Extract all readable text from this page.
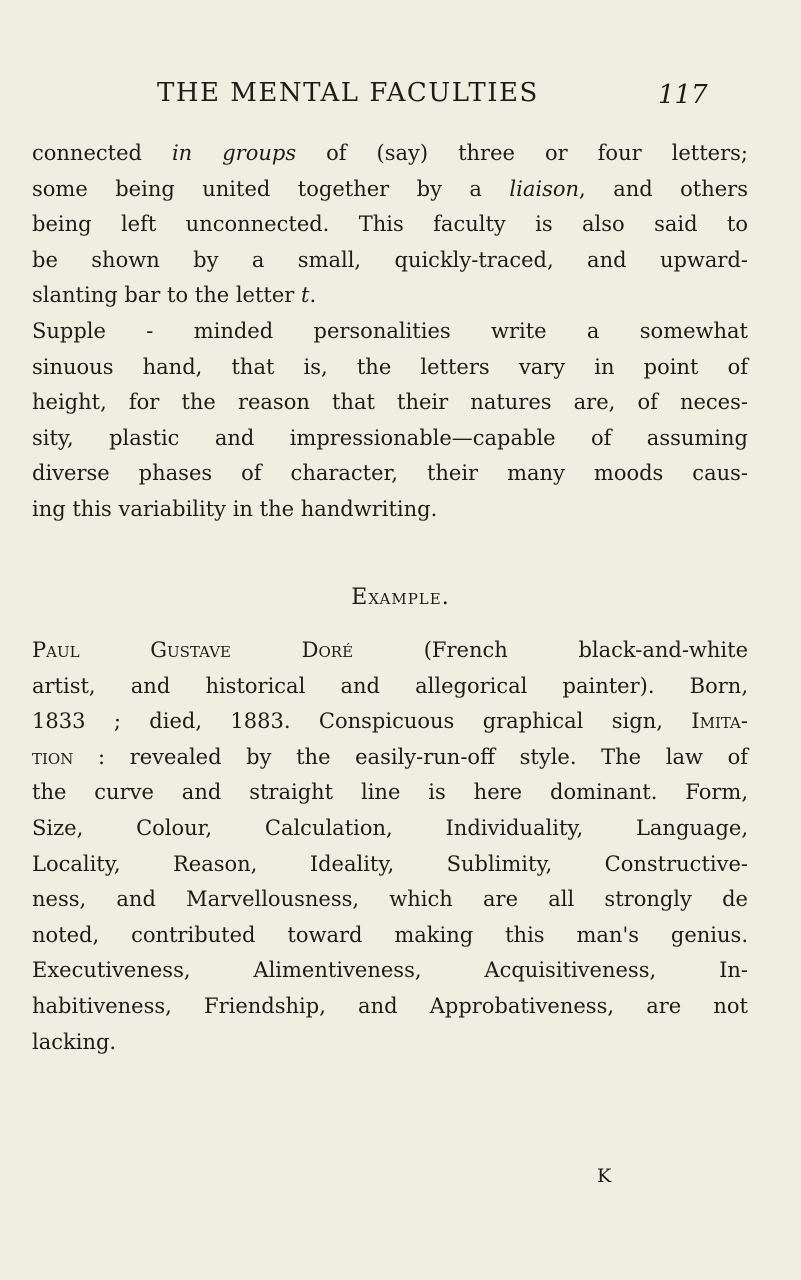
THE MENTAL FACULTIES	117

connected in groups of (say) three or four letters;
some being united together by a liaison, and others
being left unconnected. This faculty is also said to
be shown by a small, quickly-traced, and upward-
slanting bar to the letter t.

Supple - minded personalities write a somewhat
sinuous hand, that is, the letters vary in point of
height, for the reason that their natures are, of neces-
sity, plastic and impressionable—capable of assuming
diverse phases of character, their many moods caus-
ing this variability in the handwriting.

Example.

Paul Gustave Doré (French black-and-white
artist, and historical and allegorical painter). Born,
1833 ; died, 1883. Conspicuous graphical sign, Imita-
tion : revealed by the easily-run-off style. The law of
the curve and straight line is here dominant. Form,
Size, Colour, Calculation, Individuality, Language,
Locality, Reason, Ideality, Sublimity, Constructive-
ness, and Marvellousness, which are all strongly de
noted, contributed toward making this man's genius.
Executiveness, Alimentiveness, Acquisitiveness, In-
habitiveness, Friendship, and Approbativeness, are not
lacking.

K
